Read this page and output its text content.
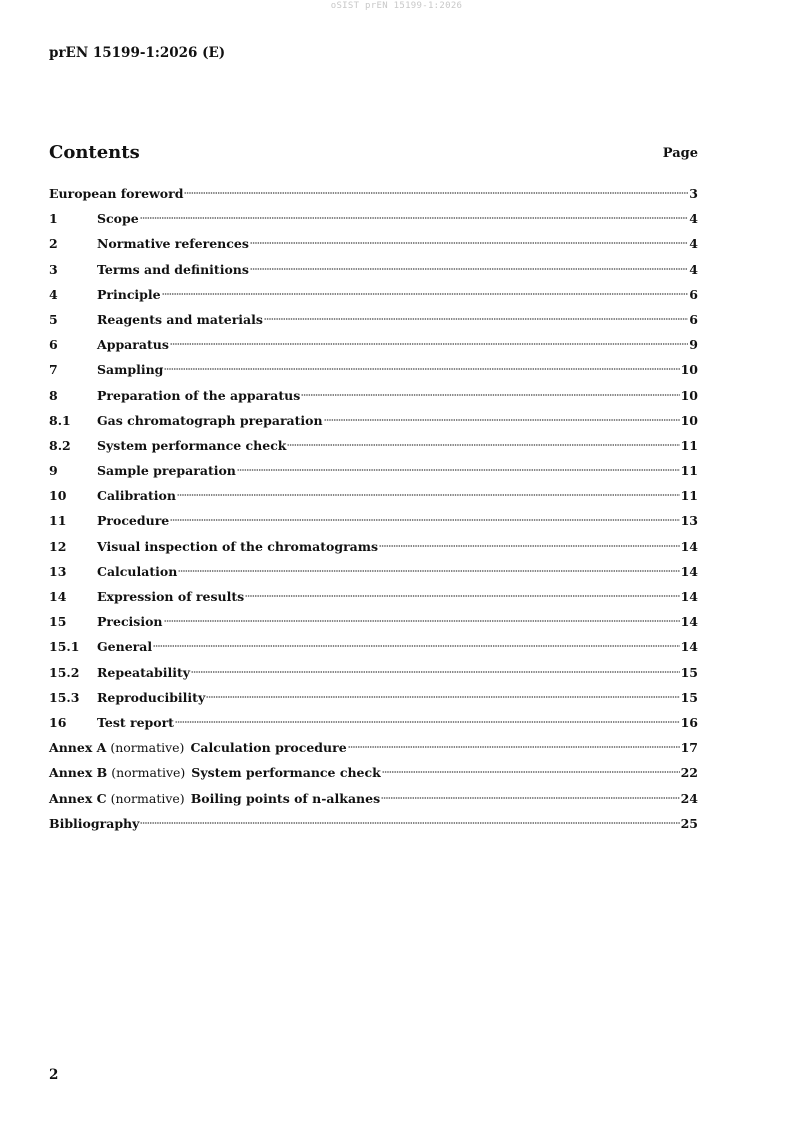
oSIST prEN 15199-1:2026
prEN 15199-1:2026 (E)
Contents	Page
European foreword	3
1	Scope	4
2	Normative references	4
3	Terms and definitions	4
4	Principle	6
5	Reagents and materials	6
6	Apparatus	9
7	Sampling	10
8	Preparation of the apparatus	10
8.1	Gas chromatograph preparation	10
8.2	System performance check	11
9	Sample preparation	11
10	Calibration	11
11	Procedure	13
12	Visual inspection of the chromatograms	14
13	Calculation	14
14	Expression of results	14
15	Precision	14
15.1	General	14
15.2	Repeatability	15
15.3	Reproducibility	15
16	Test report	16
Annex A (normative) Calculation procedure	17
Annex B (normative) System performance check	22
Annex C (normative) Boiling points of n-alkanes	24
Bibliography	25
2
